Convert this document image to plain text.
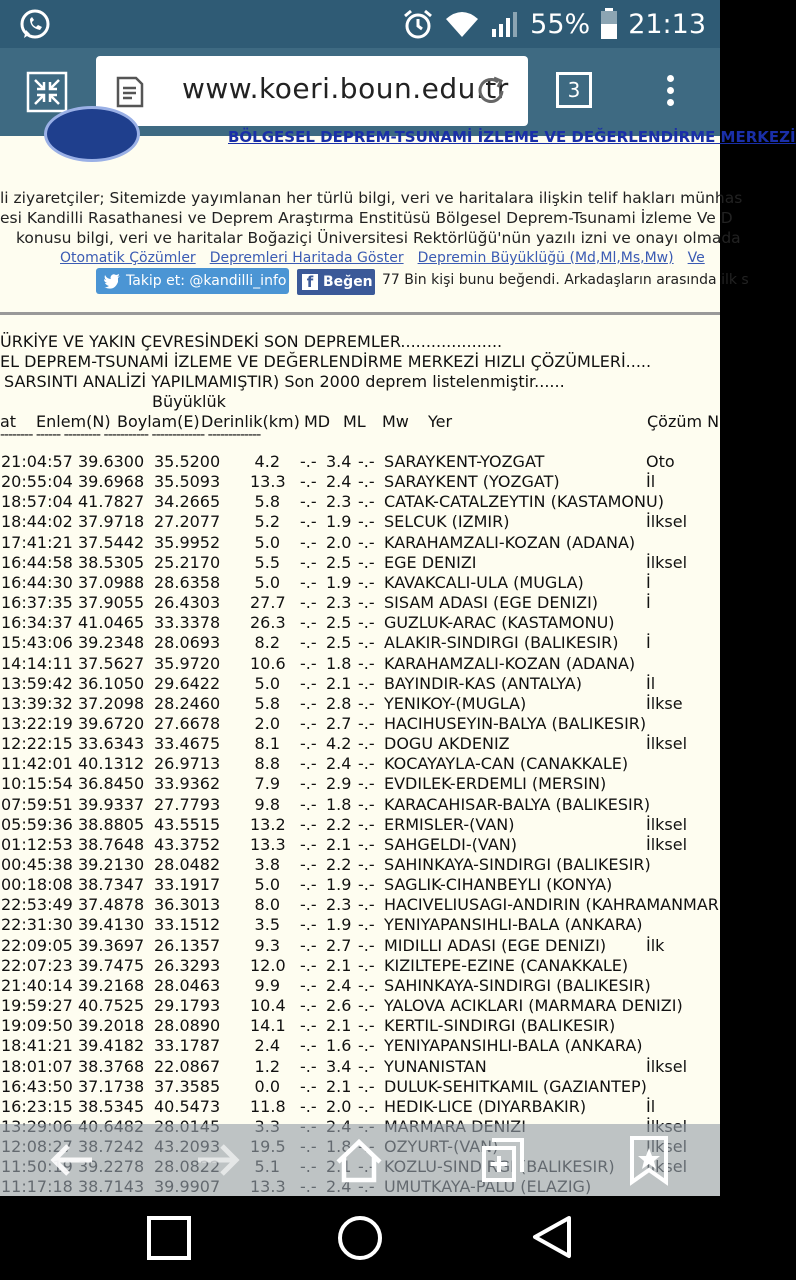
55% 21:13
www.koeri.boun.edu.tr	3
BÖLGESEL DEPREM-TSUNAMİ İZLEME VE DEĞERLENDİRME MERKEZİ
li ziyaretçiler; Sitemizde yayımlanan her türlü bilgi, veri ve haritalara ilişkin telif hakları münhas
esi Kandilli Rasathanesi ve Deprem Araştırma Enstitüsü Bölgesel Deprem-Tsunami İzleme Ve D
konusu bilgi, veri ve haritalar Boğaziçi Üniversitesi Rektörlüğü'nün yazılı izni ve onayı olmada
Otomatik Çözümler Depremleri Haritada Göster Depremin Büyüklüğü (Md,Ml,Ms,Mw) Ve
Takip et: @kandilli_info	f Beğen 77 Bin kişi bunu beğendi. Arkadaşların arasında ilk s
ÜRKİYE VE YAKIN ÇEVRESİNDEKİ SON DEPREMLER....................
EL DEPREM-TSUNAMİ İZLEME VE DEĞERLENDİRME MERKEZİ HIZLI ÇÖZÜMLERİ.....
SARSINTI ANALİZİ YAPILMAMIŞTIR) Son 2000 deprem listelenmiştir......
Büyüklük
at Enlem(N) Boylam(E) Derinlik(km) MD ML Mw Yer	Çözüm N
-------- ------ --------- ----------- ------------- -------------
21:04:57 39.6300 35.5200 4.2 -.- 3.4 -.- SARAYKENT-YOZGAT	Oto
20:55:04 39.6968 35.5093 13.3 -.- 2.4 -.- SARAYKENT (YOZGAT)	İl
18:57:04 41.7827 34.2665 5.8 -.- 2.3 -.- CATAK-CATALZEYTIN (KASTAMONU)
18:44:02 37.9718 27.2077 5.2 -.- 1.9 -.- SELCUK (IZMIR)	İlksel
17:41:21 37.5442 35.9952 5.0 -.- 2.0 -.- KARAHAMZALI-KOZAN (ADANA)
16:44:58 38.5305 25.2170 5.5 -.- 2.5 -.- EGE DENIZI	İlksel
16:44:30 37.0988 28.6358 5.0 -.- 1.9 -.- KAVAKCALI-ULA (MUGLA)	İ
16:37:35 37.9055 26.4303 27.7 -.- 2.3 -.- SISAM ADASI (EGE DENIZI)	İ
16:34:37 41.0465 33.3378 26.3 -.- 2.5 -.- GUZLUK-ARAC (KASTAMONU)
15:43:06 39.2348 28.0693 8.2 -.- 2.5 -.- ALAKIR-SINDIRGI (BALIKESIR) İ
14:14:11 37.5627 35.9720 10.6 -.- 1.8 -.- KARAHAMZALI-KOZAN (ADANA)
13:59:42 36.1050 29.6422 5.0 -.- 2.1 -.- BAYINDIR-KAS (ANTALYA)	İl
13:39:32 37.2098 28.2460 5.8 -.- 2.8 -.- YENIKOY-(MUGLA)	İlkse
13:22:19 39.6720 27.6678 2.0 -.- 2.7 -.- HACIHUSEYIN-BALYA (BALIKESIR)
12:22:15 33.6343 33.4675 8.1 -.- 4.2 -.- DOGU AKDENIZ	İlksel
11:42:01 40.1312 26.9713 8.8 -.- 2.4 -.- KOCAYAYLA-CAN (CANAKKALE)
10:15:54 36.8450 33.9362 7.9 -.- 2.9 -.- EVDILEK-ERDEMLI (MERSIN)
07:59:51 39.9337 27.7793 9.8 -.- 1.8 -.- KARACAHISAR-BALYA (BALIKESIR)
05:59:36 38.8805 43.5515 13.2 -.- 2.2 -.- ERMISLER-(VAN)	İlksel
01:12:53 38.7648 43.3752 13.3 -.- 2.1 -.- SAHGELDI-(VAN)	İlksel
00:45:38 39.2130 28.0482 3.8 -.- 2.2 -.- SAHINKAYA-SINDIRGI (BALIKESIR)
00:18:08 38.7347 33.1917 5.0 -.- 1.9 -.- SAGLIK-CIHANBEYLI (KONYA)
22:53:49 37.4878 36.3013 8.0 -.- 2.3 -.- HACIVELIUSAGI-ANDIRIN (KAHRAMANMAR
22:31:30 39.4130 33.1512 3.5 -.- 1.9 -.- YENIYAPANSIHLI-BALA (ANKARA)
22:09:05 39.3697 26.1357 9.3 -.- 2.7 -.- MIDILLI ADASI (EGE DENIZI) İlk
22:07:23 39.7475 26.3293 12.0 -.- 2.1 -.- KIZILTEPE-EZINE (CANAKKALE)
21:40:14 39.2168 28.0463 9.9 -.- 2.4 -.- SAHINKAYA-SINDIRGI (BALIKESIR)
19:59:27 40.7525 29.1793 10.4 -.- 2.6 -.- YALOVA ACIKLARI (MARMARA DENIZI)
19:09:50 39.2018 28.0890 14.1 -.- 2.1 -.- KERTIL-SINDIRGI (BALIKESIR)
18:41:21 39.4182 33.1787 2.4 -.- 1.6 -.- YENIYAPANSIHLI-BALA (ANKARA)
18:01:07 38.3768 22.0867 1.2 -.- 3.4 -.- YUNANISTAN	İlksel
16:43:50 37.1738 37.3585 0.0 -.- 2.1 -.- DULUK-SEHITKAMIL (GAZIANTEP)
16:23:15 38.5345 40.5473 11.8 -.- 2.0 -.- HEDIK-LICE (DIYARBAKIR)	İl
